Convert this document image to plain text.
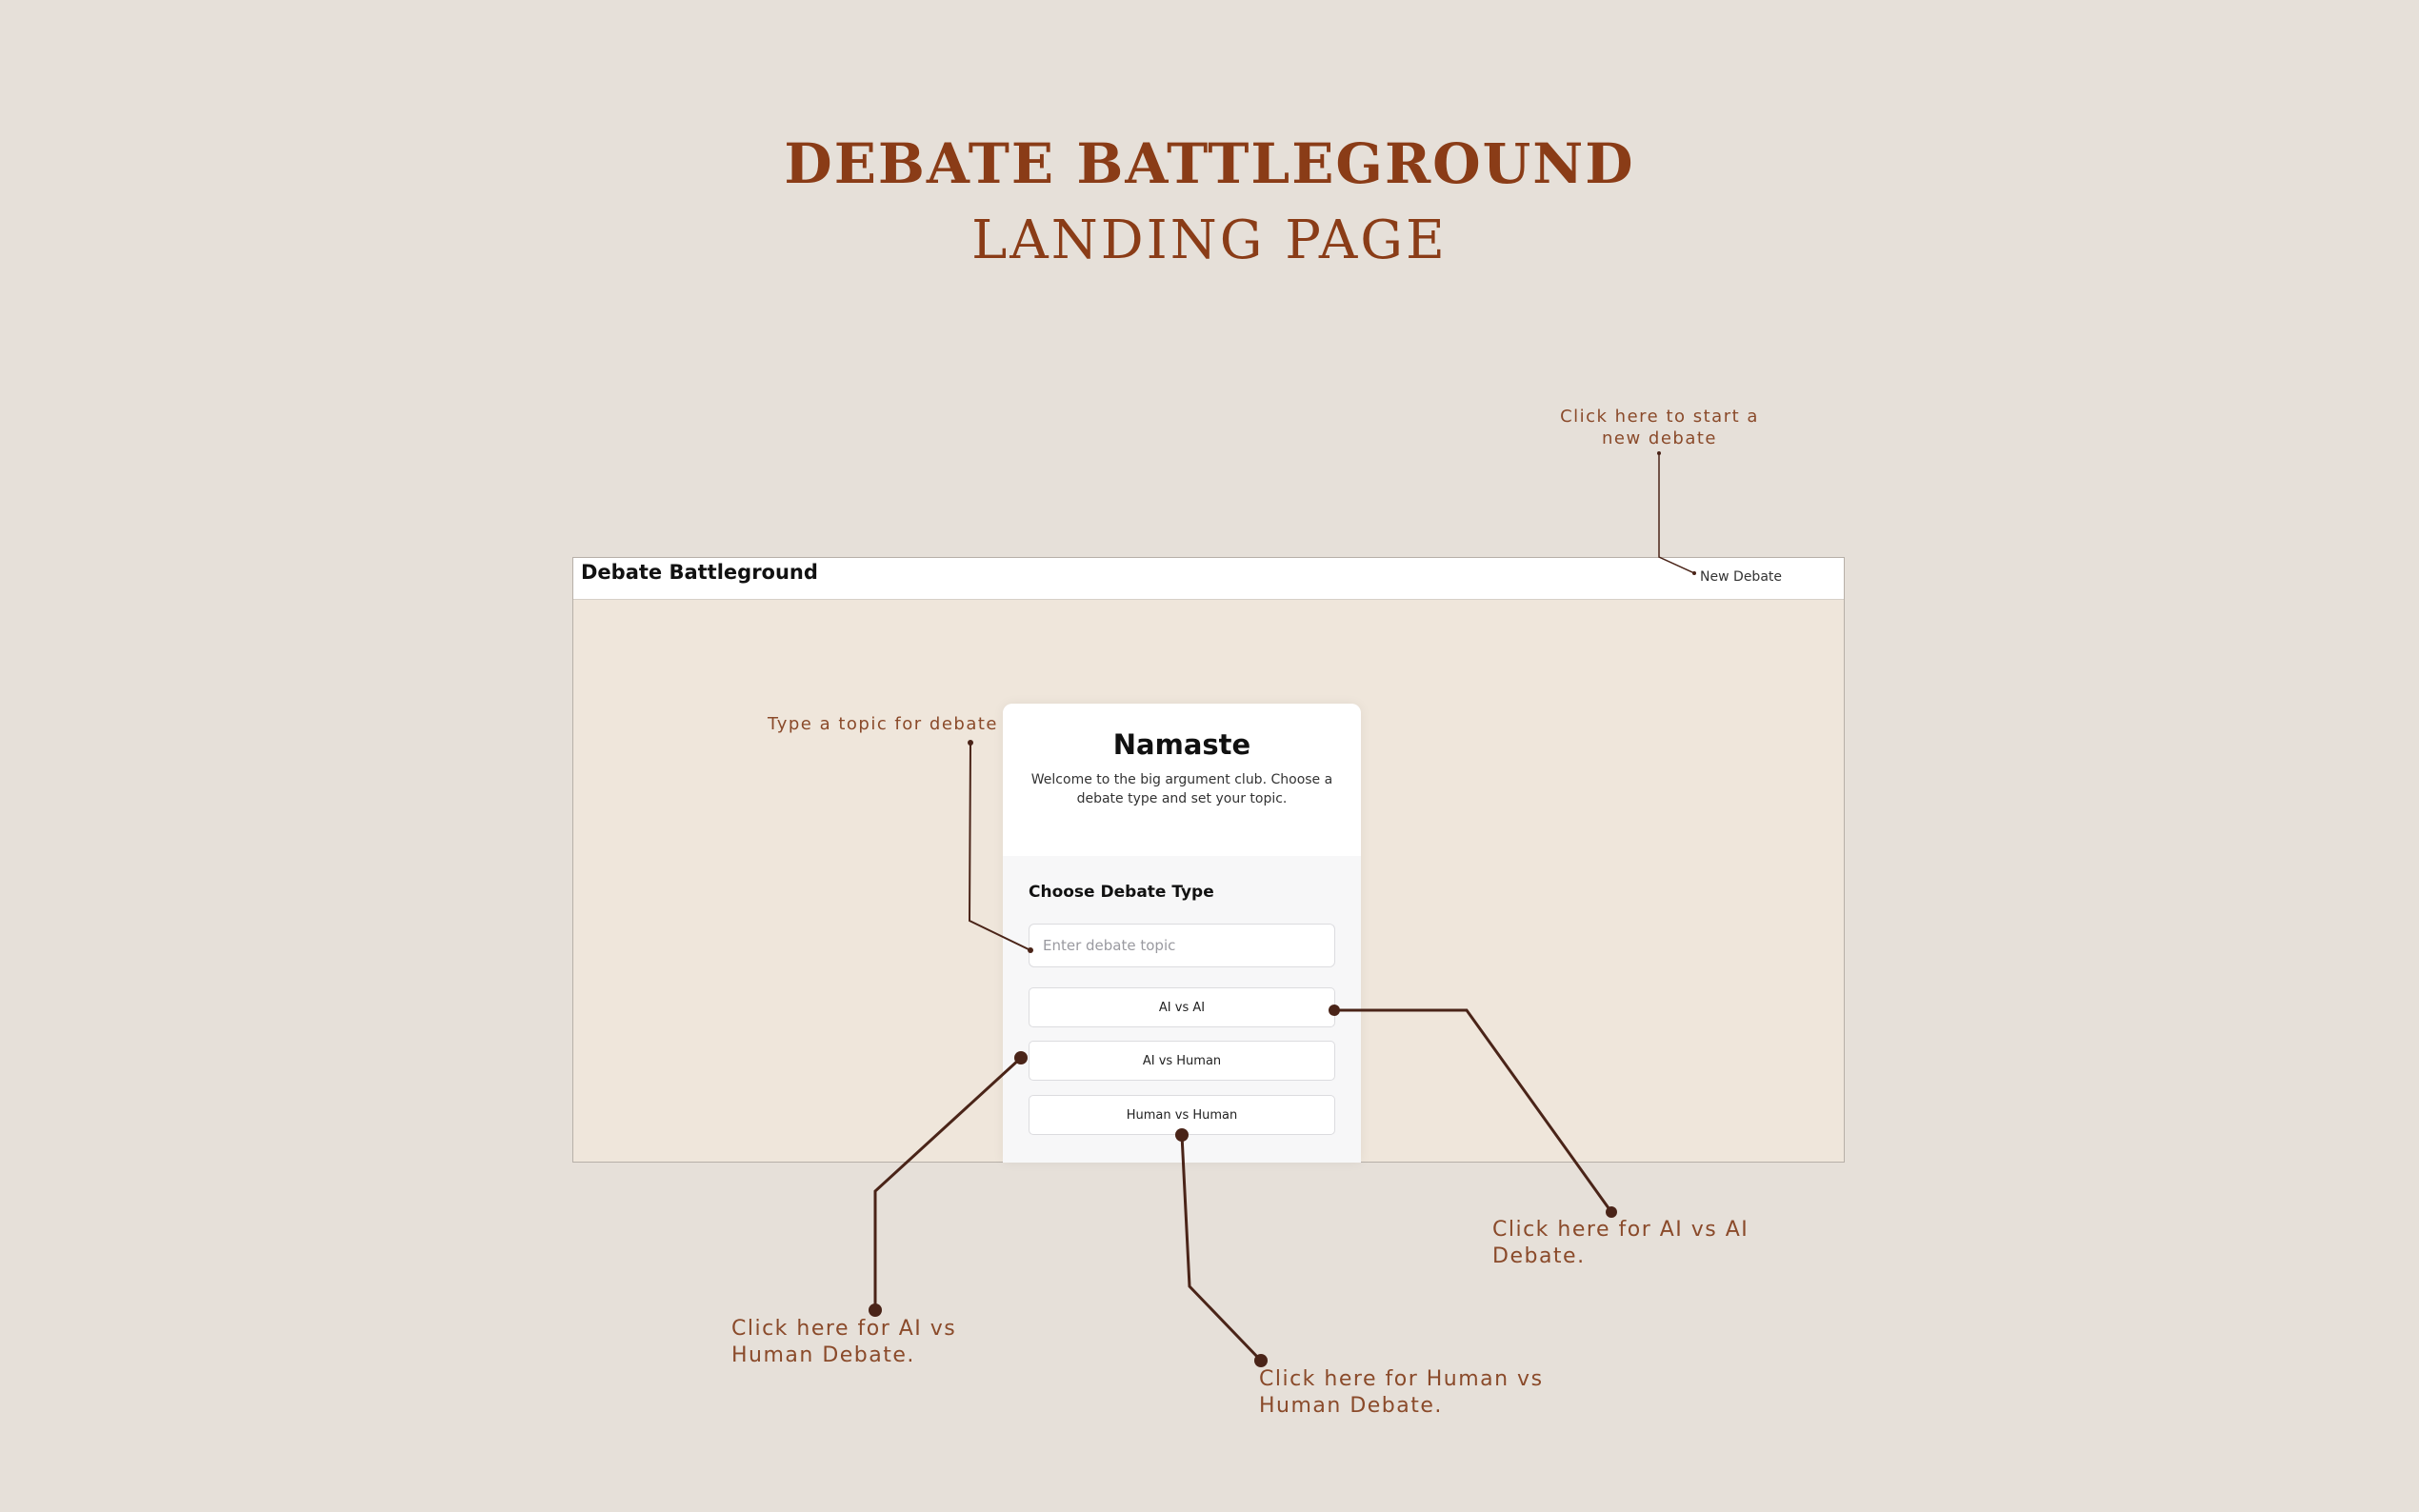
DEBATE BATTLEGROUND
LANDING PAGE
Debate Battleground	New Debate
Namaste
Welcome to the big argument club. Choose a debate type and set your topic.
Choose Debate Type
Enter debate topic
AI vs AI
AI vs Human
Human vs Human
Click here to start a new debate
Type a topic for debate
Click here for AI vs AI Debate.
Click here for AI vs Human Debate.
Click here for Human vs Human Debate.
